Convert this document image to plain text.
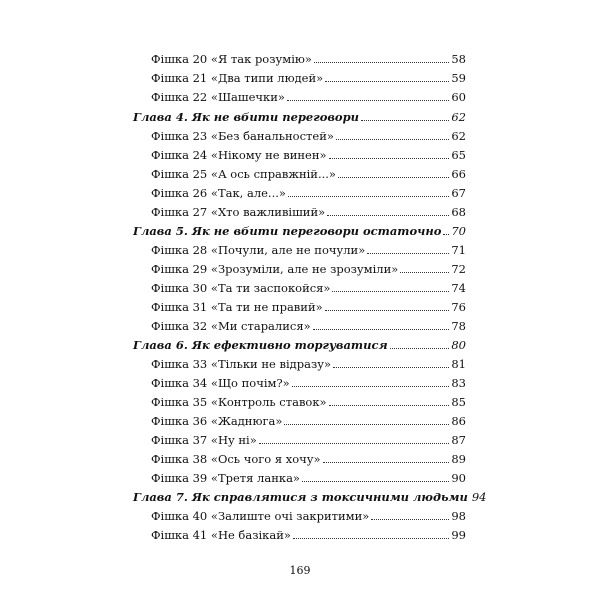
Фішка 20 «Я так розумію»	58
Фішка 21 «Два типи людей»	59
Фішка 22 «Шашечки»	60
Глава 4. Як не вбити переговори	62
Фішка 23 «Без банальностей»	62
Фішка 24 «Нікому не винен»	65
Фішка 25 «А ось справжній...»	66
Фішка 26 «Так, але...»	67
Фішка 27 «Хто важливіший»	68
Глава 5. Як не вбити переговори остаточно 70
Фішка 28 «Почули, але не почули»	71
Фішка 29 «Зрозуміли, але не зрозуміли»	72
Фішка 30 «Та ти заспокойся»	74
Фішка 31 «Та ти не правий»	76
Фішка 32 «Ми старалися»	78
Глава 6. Як ефективно торгуватися	80
Фішка 33 «Тільки не відразу»	81
Фішка 34 «Що почім?»	83
Фішка 35 «Контроль ставок»	85
Фішка 36 «Жаднюга»	86
Фішка 37 «Ну ні»	87
Фішка 38 «Ось чого я хочу»	89
Фішка 39 «Третя ланка»	90
Глава 7. Як справлятися з токсичними людьми 94
Фішка 40 «Залиште очі закритими»	98
Фішка 41 «Не базікай»	99
169
